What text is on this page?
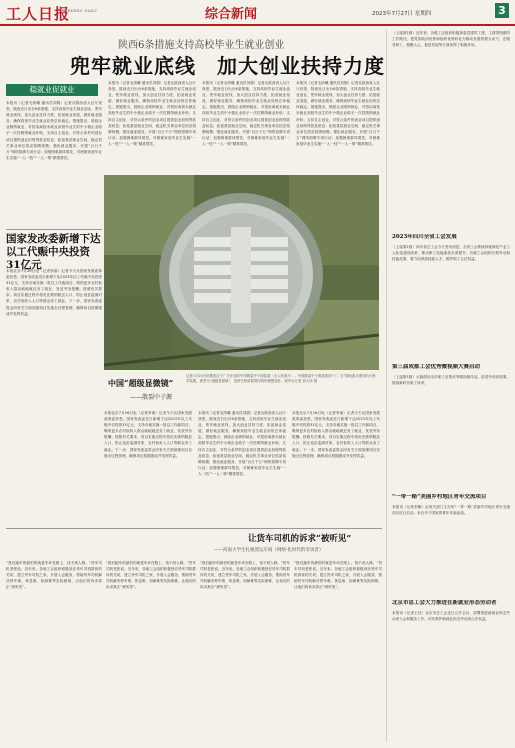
工人日报
WORKERS' DAILY	综合新闻	2023年7月27日 星期四	3
陕西6条措施支持高校毕业生就业创业
兜牢就业底线　加大创业扶持力度
稳就业促就业
本报讯（记者毛浓曦 通讯员刘娟）记者从陕西省人社厅获悉，陕西近日出台6条措施，支持高校毕业生就业创业，兜牢就业底线，加大创业扶持力度，拓宽就业渠道，做好就业服务，确保高校毕业生就业局势总体稳定。措施提出，鼓励企业吸纳就业，对招用离校未就业高校毕业生的中小微企业给予一次性吸纳就业补贴；支持自主创业，对符合条件的创业项目提供创业担保贷款及贴息；拓宽基层就业空间，稳定机关事业单位招录招聘规模；强化就业服务，开展“百日千万”网络招聘专项行动；加强困难群体帮扶，对困难家庭毕业生实施“一人一档”“一人一策”精准帮扶。
本报讯（记者毛浓曦 通讯员刘娟）记者从陕西省人社厅获悉，陕西近日出台6条措施，支持高校毕业生就业创业，兜牢就业底线，加大创业扶持力度，拓宽就业渠道，做好就业服务，确保高校毕业生就业局势总体稳定。措施提出，鼓励企业吸纳就业，对招用离校未就业高校毕业生的中小微企业给予一次性吸纳就业补贴；支持自主创业，对符合条件的创业项目提供创业担保贷款及贴息；拓宽基层就业空间，稳定机关事业单位招录招聘规模；强化就业服务，开展“百日千万”网络招聘专项行动；加强困难群体帮扶，对困难家庭毕业生实施“一人一档”“一人一策”精准帮扶。
本报讯（记者毛浓曦 通讯员刘娟）记者从陕西省人社厅获悉，陕西近日出台6条措施，支持高校毕业生就业创业，兜牢就业底线，加大创业扶持力度，拓宽就业渠道，做好就业服务，确保高校毕业生就业局势总体稳定。措施提出，鼓励企业吸纳就业，对招用离校未就业高校毕业生的中小微企业给予一次性吸纳就业补贴；支持自主创业，对符合条件的创业项目提供创业担保贷款及贴息；拓宽基层就业空间，稳定机关事业单位招录招聘规模；强化就业服务，开展“百日千万”网络招聘专项行动；加强困难群体帮扶，对困难家庭毕业生实施“一人一档”“一人一策”精准帮扶。
本报讯（记者毛浓曦 通讯员刘娟）记者从陕西省人社厅获悉，陕西近日出台6条措施，支持高校毕业生就业创业，兜牢就业底线，加大创业扶持力度，拓宽就业渠道，做好就业服务，确保高校毕业生就业局势总体稳定。措施提出，鼓励企业吸纳就业，对招用离校未就业高校毕业生的中小微企业给予一次性吸纳就业补贴；支持自主创业，对符合条件的创业项目提供创业担保贷款及贴息；拓宽基层就业空间，稳定机关事业单位招录招聘规模；强化就业服务，开展“百日千万”网络招聘专项行动；加强困难群体帮扶，对困难家庭毕业生实施“一人一档”“一人一策”精准帮扶。
国家发改委新增下达以工代赈中央投资31亿元
本报北京7月26日电（记者李丽）记者今天从国家发展改革委获悉，国家发改委近日新增下达2023年以工代赈中央投资31亿元，支持各地实施一批以工代赈项目，吸纳更多农村低收入群众就地就近务工就业，发放劳务报酬。按照有关要求，项目实施过程中将优先吸纳脱贫人口、防止返贫监测对象、农村低收入人口等群众务工就业。下一步，国家发改委将会同有关方面加强项目实施全过程管理，确保项目按期建成并发挥效益。
中国“超级显微镜”
——散裂中子源
这是7月25日拍摄的位于广东东莞的中国散裂中子源装置（无人机照片）。中国散裂中子源是我国“十二五”期间重点建设的大科学装置，被誉为“超级显微镜”，是研究物质微观结构的理想探针。新华社记者 刘大伟 摄
本报北京7月26日电（记者李丽）记者今天从国家发展改革委获悉，国家发改委近日新增下达2023年以工代赈中央投资31亿元，支持各地实施一批以工代赈项目，吸纳更多农村低收入群众就地就近务工就业，发放劳务报酬。按照有关要求，项目实施过程中将优先吸纳脱贫人口、防止返贫监测对象、农村低收入人口等群众务工就业。下一步，国家发改委将会同有关方面加强项目实施全过程管理，确保项目按期建成并发挥效益。
本报讯（记者毛浓曦 通讯员刘娟）记者从陕西省人社厅获悉，陕西近日出台6条措施，支持高校毕业生就业创业，兜牢就业底线，加大创业扶持力度，拓宽就业渠道，做好就业服务，确保高校毕业生就业局势总体稳定。措施提出，鼓励企业吸纳就业，对招用离校未就业高校毕业生的中小微企业给予一次性吸纳就业补贴；支持自主创业，对符合条件的创业项目提供创业担保贷款及贴息；拓宽基层就业空间，稳定机关事业单位招录招聘规模；强化就业服务，开展“百日千万”网络招聘专项行动；加强困难群体帮扶，对困难家庭毕业生实施“一人一档”“一人一策”精准帮扶。
本报北京7月26日电（记者李丽）记者今天从国家发展改革委获悉，国家发改委近日新增下达2023年以工代赈中央投资31亿元，支持各地实施一批以工代赈项目，吸纳更多农村低收入群众就地就近务工就业，发放劳务报酬。按照有关要求，项目实施过程中将优先吸纳脱贫人口、防止返贫监测对象、农村低收入人口等群众务工就业。下一步，国家发改委将会同有关方面加强项目实施全过程管理，确保项目按期建成并发挥效益。
（上接第1版）近年来，各级工会组织积极探索党建带工建、工建带团建的工作路径，把党的政治优势和组织优势转化为推动发展的强大动力，在服务职工、凝聚人心、促进发展等方面发挥了积极作用。
2023年四川全省工会发展
（上接第1版）四川省总工会今天发布消息，全省工会系统持续深化产业工人队伍建设改革，推动职工技能素质全面提升，各级工会组织开展劳动和技能竞赛，着力培养高技能人才，维护职工合法权益。
第三届成都工会优秀微视频大赛启动
（上接第1版）大赛面向全市职工征集优秀微视频作品，讲述劳动者故事，展现新时代职工风采。
“一带一路”美丽乡村地区青年交流项目
本报讯（记者李娜）由有关部门主办的“一带一路”美丽乡村地区青年交流项目近日启动，来自多个国家的青年代表参加。
北京市总工会大力推进在新就业形态劳动者
本报讯（记者王佳）北京市总工会近日召开会议，部署推进新就业形态劳动者入会和服务工作，切实维护新就业形态劳动者合法权益。
让货车司机的诉求“被听见”
——河南大学生扎根货运车间（网络·化时代的劳动者）
“我们跑车的最怕的就是车坏在路上，找不到人修。”货车司机老张说。近年来，各地工会组织积极回应货车司机群体的关切，建立货车司机之家，开展入会服务，帮助货车司机解决停车难、休息难、如厕难等实际困难，让他们的诉求真正“被听见”。
“我们跑车的最怕的就是车坏在路上，找不到人修。”货车司机老张说。近年来，各地工会组织积极回应货车司机群体的关切，建立货车司机之家，开展入会服务，帮助货车司机解决停车难、休息难、如厕难等实际困难，让他们的诉求真正“被听见”。
“我们跑车的最怕的就是车坏在路上，找不到人修。”货车司机老张说。近年来，各地工会组织积极回应货车司机群体的关切，建立货车司机之家，开展入会服务，帮助货车司机解决停车难、休息难、如厕难等实际困难，让他们的诉求真正“被听见”。
“我们跑车的最怕的就是车坏在路上，找不到人修。”货车司机老张说。近年来，各地工会组织积极回应货车司机群体的关切，建立货车司机之家，开展入会服务，帮助货车司机解决停车难、休息难、如厕难等实际困难，让他们的诉求真正“被听见”。
